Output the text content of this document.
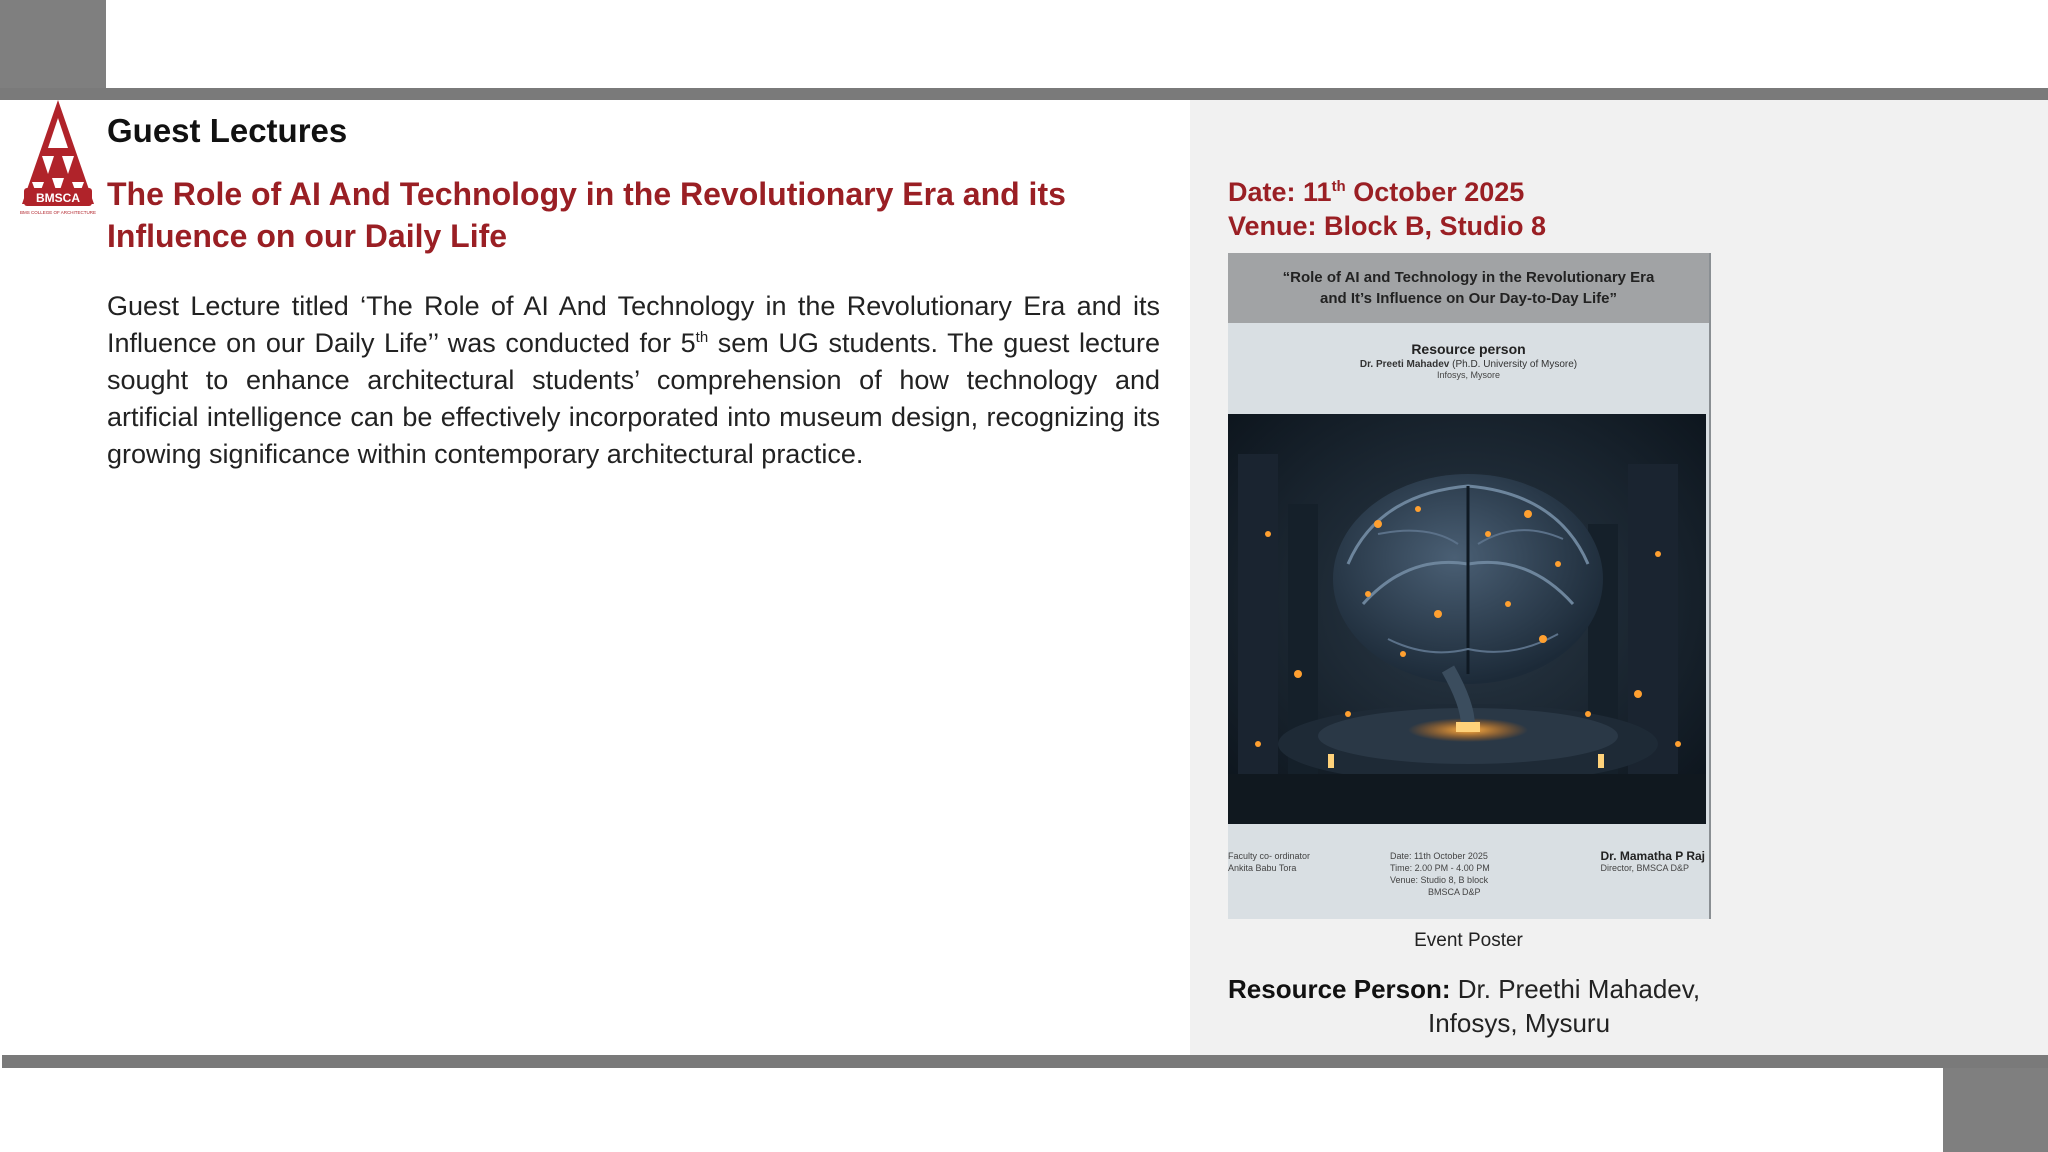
BMSCA
BMS COLLEGE OF ARCHITECTURE
Guest Lectures
The Role of AI And Technology in the Revolutionary Era and its Influence on our Daily Life
Guest Lecture titled ‘The Role of AI And Technology in the Revolutionary Era and its Influence on our Daily Life’’ was conducted for 5th sem UG students. The guest lecture sought to enhance architectural students’ comprehension of how technology and artificial intelligence can be effectively incorporated into museum design, recognizing its growing significance within contemporary architectural practice.
Date: 11th October 2025
Venue: Block B, Studio 8
“Role of AI and Technology in the Revolutionary Era
and It’s Influence on Our Day-to-Day Life”
Resource person
Dr. Preeti Mahadev (Ph.D. University of Mysore)
Infosys, Mysore
Faculty co- ordinator
Ankita Babu Tora
Date: 11th October 2025
Time: 2.00 PM - 4.00 PM
Venue: Studio 8, B block
BMSCA D&P
Dr. Mamatha P Raj
Director, BMSCA D&P
Event Poster
Resource Person: Dr. Preethi Mahadev,
Infosys, Mysuru
